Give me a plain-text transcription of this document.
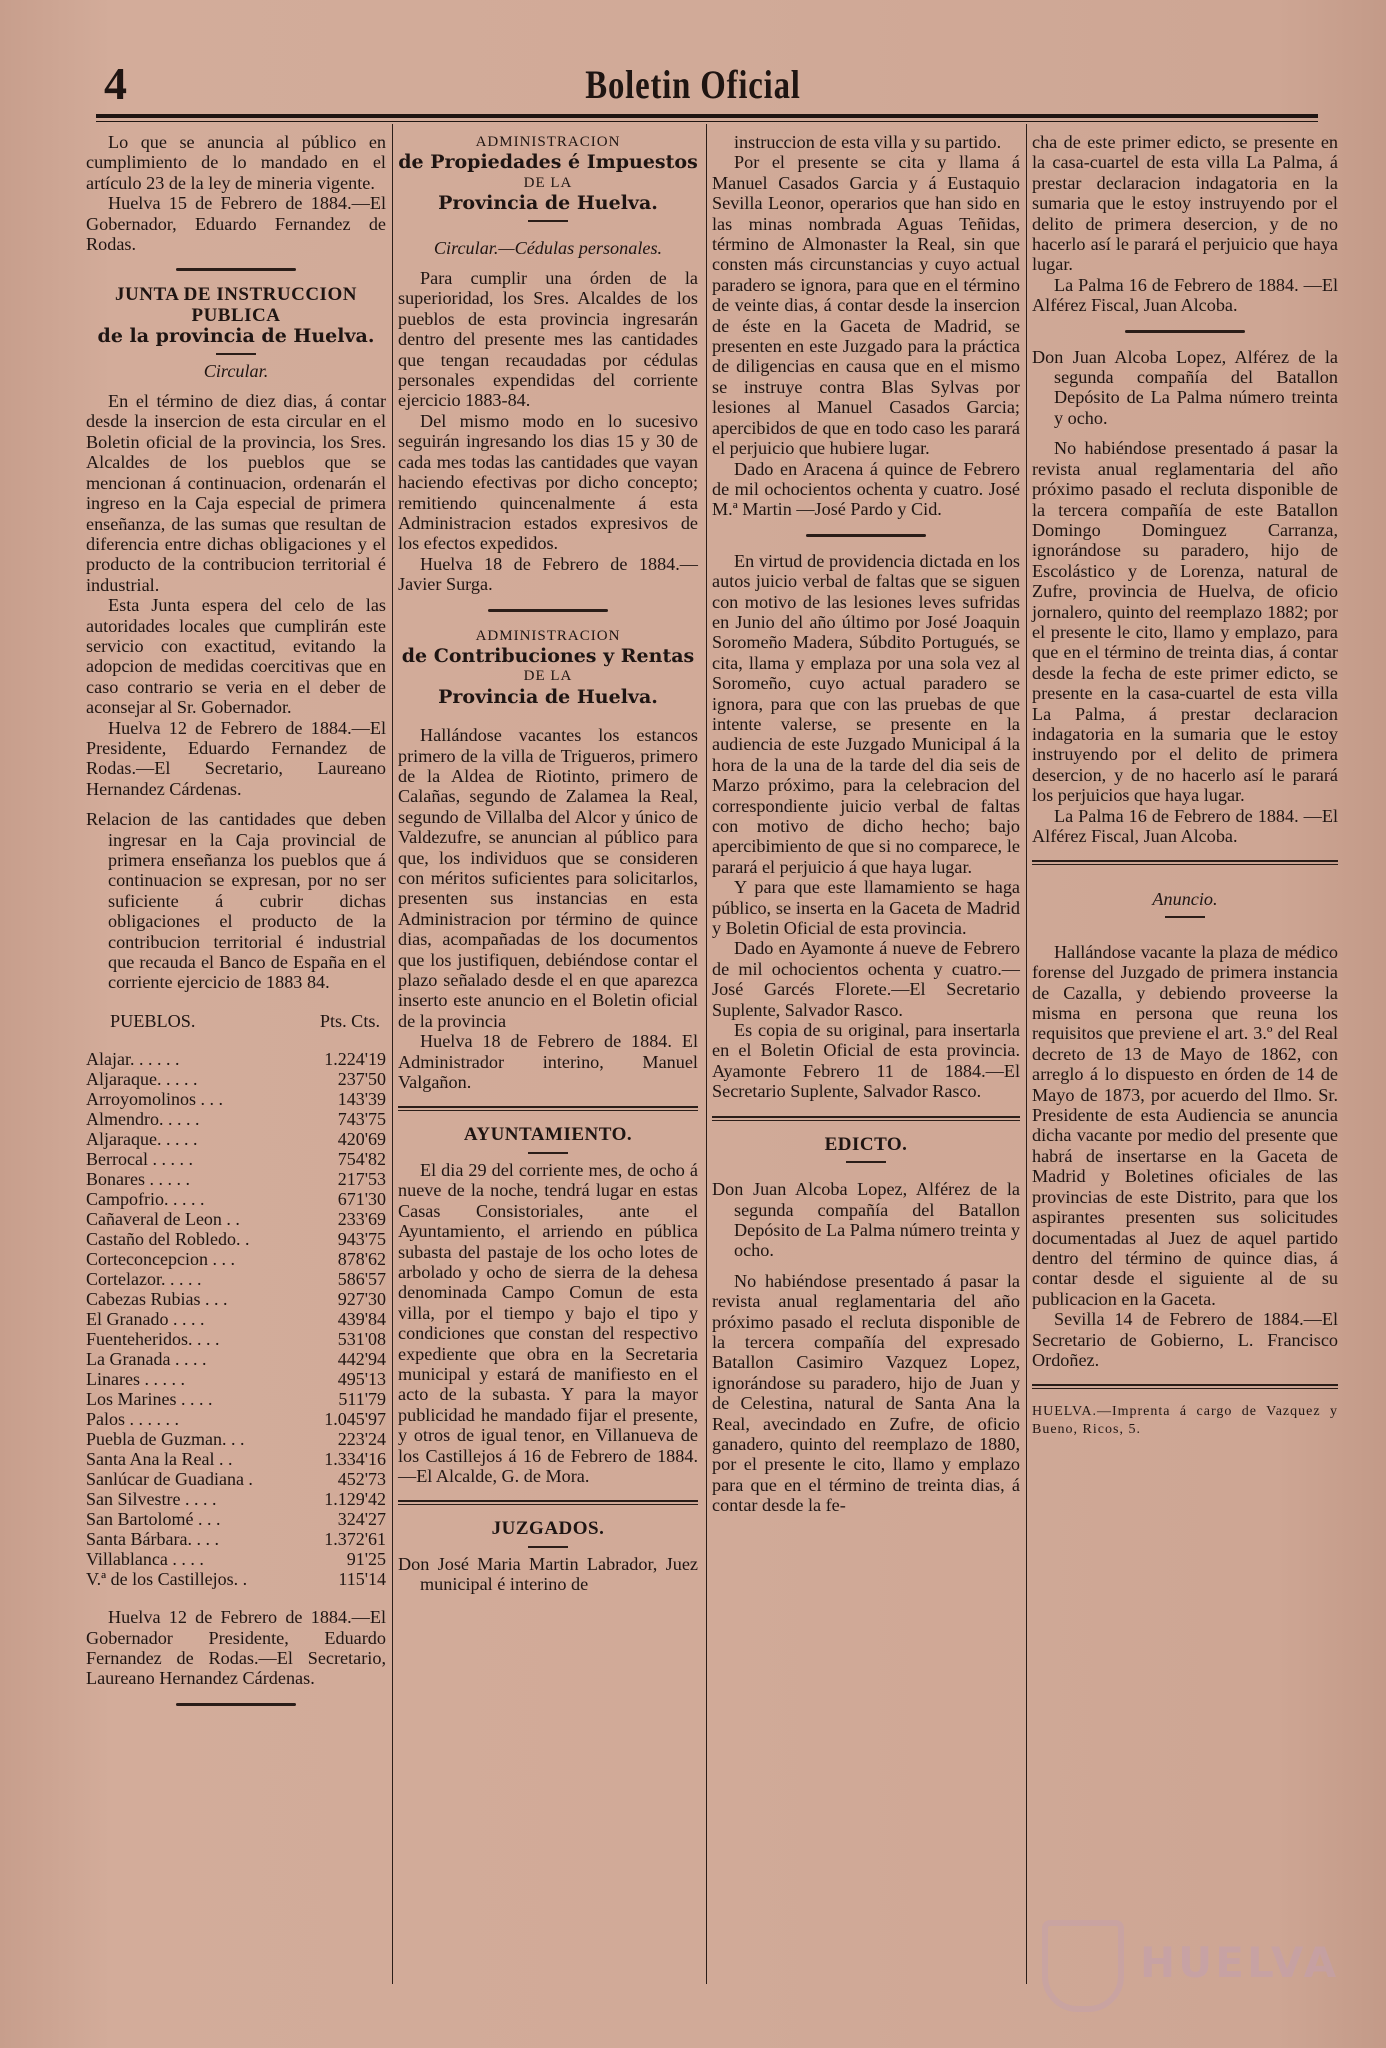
4	Boletin Oficial

Lo que se anuncia al público en cumplimiento de lo mandado en el artículo 23 de la ley de mineria vigente.

Huelva 15 de Febrero de 1884.—El Gobernador, Eduardo Fernandez de Rodas.

JUNTA DE INSTRUCCION PUBLICA

de la provincia de Huelva.

Circular.

En el término de diez dias, á contar desde la insercion de esta circular en el Boletin oficial de la provincia, los Sres. Alcaldes de los pueblos que se mencionan á continuacion, ordenarán el ingreso en la Caja especial de primera enseñanza, de las sumas que resultan de diferencia entre dichas obligaciones y el producto de la contribucion territorial é industrial.

Esta Junta espera del celo de las autoridades locales que cumplirán este servicio con exactitud, evitando la adopcion de medidas coercitivas que en caso contrario se veria en el deber de aconsejar al Sr. Gobernador.

Huelva 12 de Febrero de 1884.—El Presidente, Eduardo Fernandez de Rodas.—El Secretario, Laureano Hernandez Cárdenas.

Relacion de las cantidades que deben ingresar en la Caja provincial de primera enseñanza los pueblos que á continuacion se expresan, por no ser suficiente á cubrir dichas obligaciones el producto de la contribucion territorial é industrial que recauda el Banco de España en el corriente ejercicio de 1883 84.

PUEBLOS.	Pts. Cts.
Alajar. . . . . .	1.224'19
Aljaraque. . . . .	237'50
Arroyomolinos . . .	143'39
Almendro. . . . .	743'75
Aljaraque. . . . .	420'69
Berrocal . . . . .	754'82
Bonares . . . . .	217'53
Campofrio. . . . .	671'30
Cañaveral de Leon . .	233'69
Castaño del Robledo. .	943'75
Corteconcepcion . . .	878'62
Cortelazor. . . . .	586'57
Cabezas Rubias . . .	927'30
El Granado . . . .	439'84
Fuenteheridos. . . .	531'08
La Granada . . . .	442'94
Linares . . . . .	495'13
Los Marines . . . .	511'79
Palos . . . . . .	1.045'97
Puebla de Guzman. . .	223'24
Santa Ana la Real . .	1.334'16
Sanlúcar de Guadiana .	452'73
San Silvestre . . . .	1.129'42
San Bartolomé . . .	324'27
Santa Bárbara. . . .	1.372'61
Villablanca . . . .	91'25
V.ª de los Castillejos. .	115'14

Huelva 12 de Febrero de 1884.—El Gobernador Presidente, Eduardo Fernandez de Rodas.—El Secretario, Laureano Hernandez Cárdenas.

ADMINISTRACION

de Propiedades é Impuestos

DE LA

Provincia de Huelva.

Circular.—Cédulas personales.

Para cumplir una órden de la superioridad, los Sres. Alcaldes de los pueblos de esta provincia ingresarán dentro del presente mes las cantidades que tengan recaudadas por cédulas personales expendidas del corriente ejercicio 1883-84.

Del mismo modo en lo sucesivo seguirán ingresando los dias 15 y 30 de cada mes todas las cantidades que vayan haciendo efectivas por dicho concepto; remitiendo quincenalmente á esta Administracion estados expresivos de los efectos expedidos.

Huelva 18 de Febrero de 1884.—Javier Surga.

ADMINISTRACION

de Contribuciones y Rentas

DE LA

Provincia de Huelva.

Hallándose vacantes los estancos primero de la villa de Trigueros, primero de la Aldea de Riotinto, primero de Calañas, segundo de Zalamea la Real, segundo de Villalba del Alcor y único de Valdezufre, se anuncian al público para que, los individuos que se consideren con méritos suficientes para solicitarlos, presenten sus instancias en esta Administracion por término de quince dias, acompañadas de los documentos que los justifiquen, debiéndose contar el plazo señalado desde el en que aparezca inserto este anuncio en el Boletin oficial de la provincia

Huelva 18 de Febrero de 1884. El Administrador interino, Manuel Valgañon.

AYUNTAMIENTO.

El dia 29 del corriente mes, de ocho á nueve de la noche, tendrá lugar en estas Casas Consistoriales, ante el Ayuntamiento, el arriendo en pública subasta del pastaje de los ocho lotes de arbolado y ocho de sierra de la dehesa denominada Campo Comun de esta villa, por el tiempo y bajo el tipo y condiciones que constan del respectivo expediente que obra en la Secretaria municipal y estará de manifiesto en el acto de la subasta. Y para la mayor publicidad he mandado fijar el presente, y otros de igual tenor, en Villanueva de los Castillejos á 16 de Febrero de 1884.—El Alcalde, G. de Mora.

JUZGADOS.

Don José Maria Martin Labrador, Juez municipal é interino de

instruccion de esta villa y su partido.

Por el presente se cita y llama á Manuel Casados Garcia y á Eustaquio Sevilla Leonor, operarios que han sido en las minas nombrada Aguas Teñidas, término de Almonaster la Real, sin que consten más circunstancias y cuyo actual paradero se ignora, para que en el término de veinte dias, á contar desde la insercion de éste en la Gaceta de Madrid, se presenten en este Juzgado para la práctica de diligencias en causa que en el mismo se instruye contra Blas Sylvas por lesiones al Manuel Casados Garcia; apercibidos de que en todo caso les parará el perjuicio que hubiere lugar.

Dado en Aracena á quince de Febrero de mil ochocientos ochenta y cuatro. José M.ª Martin —José Pardo y Cid.

En virtud de providencia dictada en los autos juicio verbal de faltas que se siguen con motivo de las lesiones leves sufridas en Junio del año último por José Joaquin Soromeño Madera, Súbdito Portugués, se cita, llama y emplaza por una sola vez al Soromeño, cuyo actual paradero se ignora, para que con las pruebas de que intente valerse, se presente en la audiencia de este Juzgado Municipal á la hora de la una de la tarde del dia seis de Marzo próximo, para la celebracion del correspondiente juicio verbal de faltas con motivo de dicho hecho; bajo apercibimiento de que si no comparece, le parará el perjuicio á que haya lugar.

Y para que este llamamiento se haga público, se inserta en la Gaceta de Madrid y Boletin Oficial de esta provincia.

Dado en Ayamonte á nueve de Febrero de mil ochocientos ochenta y cuatro.—José Garcés Florete.—El Secretario Suplente, Salvador Rasco.

Es copia de su original, para insertarla en el Boletin Oficial de esta provincia. Ayamonte Febrero 11 de 1884.—El Secretario Suplente, Salvador Rasco.

EDICTO.

Don Juan Alcoba Lopez, Alférez de la segunda compañía del Batallon Depósito de La Palma número treinta y ocho.

No habiéndose presentado á pasar la revista anual reglamentaria del año próximo pasado el recluta disponible de la tercera compañía del expresado Batallon Casimiro Vazquez Lopez, ignorándose su paradero, hijo de Juan y de Celestina, natural de Santa Ana la Real, avecindado en Zufre, de oficio ganadero, quinto del reemplazo de 1880, por el presente le cito, llamo y emplazo para que en el término de treinta dias, á contar desde la fe-

cha de este primer edicto, se presente en la casa-cuartel de esta villa La Palma, á prestar declaracion indagatoria en la sumaria que le estoy instruyendo por el delito de primera desercion, y de no hacerlo así le parará el perjuicio que haya lugar.

La Palma 16 de Febrero de 1884. —El Alférez Fiscal, Juan Alcoba.

Don Juan Alcoba Lopez, Alférez de la segunda compañía del Batallon Depósito de La Palma número treinta y ocho.

No habiéndose presentado á pasar la revista anual reglamentaria del año próximo pasado el recluta disponible de la tercera compañía de este Batallon Domingo Dominguez Carranza, ignorándose su paradero, hijo de Escolástico y de Lorenza, natural de Zufre, provincia de Huelva, de oficio jornalero, quinto del reemplazo 1882; por el presente le cito, llamo y emplazo, para que en el término de treinta dias, á contar desde la fecha de este primer edicto, se presente en la casa-cuartel de esta villa La Palma, á prestar declaracion indagatoria en la sumaria que le estoy instruyendo por el delito de primera desercion, y de no hacerlo así le parará los perjuicios que haya lugar.

La Palma 16 de Febrero de 1884. —El Alférez Fiscal, Juan Alcoba.

Anuncio.

Hallándose vacante la plaza de médico forense del Juzgado de primera instancia de Cazalla, y debiendo proveerse la misma en persona que reuna los requisitos que previene el art. 3.º del Real decreto de 13 de Mayo de 1862, con arreglo á lo dispuesto en órden de 14 de Mayo de 1873, por acuerdo del Ilmo. Sr. Presidente de esta Audiencia se anuncia dicha vacante por medio del presente que habrá de insertarse en la Gaceta de Madrid y Boletines oficiales de las provincias de este Distrito, para que los aspirantes presenten sus solicitudes documentadas al Juez de aquel partido dentro del término de quince dias, á contar desde el siguiente al de su publicacion en la Gaceta.

Sevilla 14 de Febrero de 1884.—El Secretario de Gobierno, L. Francisco Ordoñez.

HUELVA.—Imprenta á cargo de Vazquez y Bueno, Ricos, 5.

HUELVA
